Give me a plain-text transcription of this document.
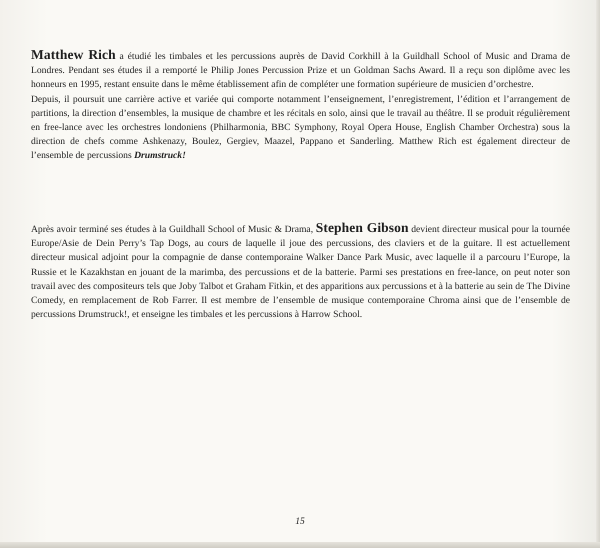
Matthew Rich a étudié les timbales et les percussions auprès de David Corkhill à la Guildhall School of Music and Drama de Londres. Pendant ses études il a remporté le Philip Jones Percussion Prize et un Goldman Sachs Award. Il a reçu son diplôme avec les honneurs en 1995, restant ensuite dans le même établissement afin de compléter une formation supérieure de musicien d’orchestre.

Depuis, il poursuit une carrière active et variée qui comporte notamment l’enseignement, l’enregistrement, l’édition et l’arrangement de partitions, la direction d’ensembles, la musique de chambre et les récitals en solo, ainsi que le travail au théâtre. Il se produit régulièrement en free-lance avec les orchestres londoniens (Philharmonia, BBC Symphony, Royal Opera House, English Chamber Orchestra) sous la direction de chefs comme Ashkenazy, Boulez, Gergiev, Maazel, Pappano et Sanderling. Matthew Rich est également directeur de l’ensemble de percussions Drumstruck!

Après avoir terminé ses études à la Guildhall School of Music & Drama, Stephen Gibson devient directeur musical pour la tournée Europe/Asie de Dein Perry’s Tap Dogs, au cours de laquelle il joue des percussions, des claviers et de la guitare. Il est actuellement directeur musical adjoint pour la compagnie de danse contemporaine Walker Dance Park Music, avec laquelle il a parcouru l’Europe, la Russie et le Kazakhstan en jouant de la marimba, des percussions et de la batterie. Parmi ses prestations en free-lance, on peut noter son travail avec des compositeurs tels que Joby Talbot et Graham Fitkin, et des apparitions aux percussions et à la batterie au sein de The Divine Comedy, en remplacement de Rob Farrer. Il est membre de l’ensemble de musique contemporaine Chroma ainsi que de l’ensemble de percussions Drumstruck!, et enseigne les timbales et les percussions à Harrow School.

15
